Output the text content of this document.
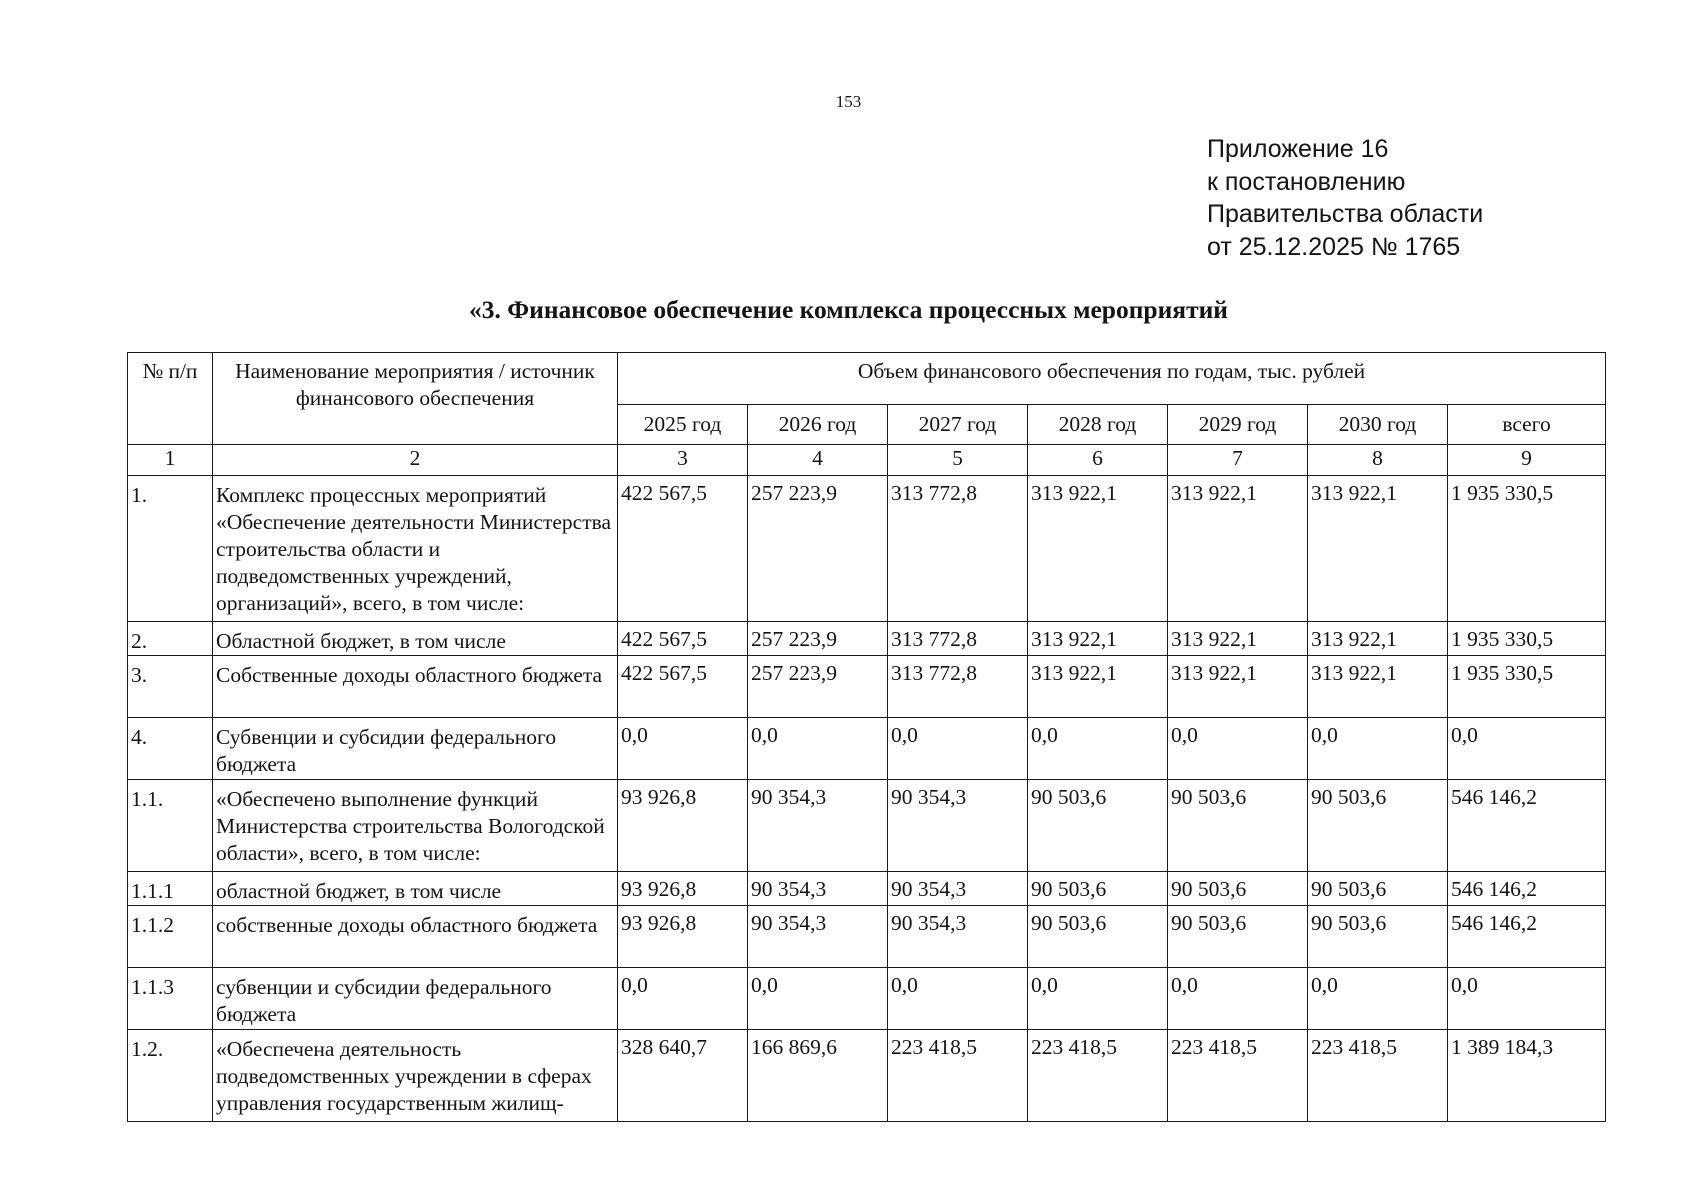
153
Приложение 16
к постановлению
Правительства области
от 25.12.2025 № 1765
«3. Финансовое обеспечение комплекса процессных мероприятий
№ п/п	Наименование мероприятия / источник финансового обеспечения	Объем финансового обеспечения по годам, тыс. рублей						
		2025 год	2026 год	2027 год	2028 год	2029 год	2030 год	всего
1	2	3	4	5	6	7	8	9
1.	Комплекс процессных мероприятий «Обеспечение деятельности Министерства строительства области и подведомственных учреждений, организаций», всего, в том числе:	422 567,5	257 223,9	313 772,8	313 922,1	313 922,1	313 922,1	1 935 330,5
2.	Областной бюджет, в том числе	422 567,5	257 223,9	313 772,8	313 922,1	313 922,1	313 922,1	1 935 330,5
3.	Собственные доходы областного бюджета	422 567,5	257 223,9	313 772,8	313 922,1	313 922,1	313 922,1	1 935 330,5
4.	Субвенции и субсидии федерального бюджета	0,0	0,0	0,0	0,0	0,0	0,0	0,0
1.1.	«Обеспечено выполнение функций Министерства строительства Вологодской области», всего, в том числе:	93 926,8	90 354,3	90 354,3	90 503,6	90 503,6	90 503,6	546 146,2
1.1.1	областной бюджет, в том числе	93 926,8	90 354,3	90 354,3	90 503,6	90 503,6	90 503,6	546 146,2
1.1.2	собственные доходы областного бюджета	93 926,8	90 354,3	90 354,3	90 503,6	90 503,6	90 503,6	546 146,2
1.1.3	субвенции и субсидии федерального бюджета	0,0	0,0	0,0	0,0	0,0	0,0	0,0
1.2.	«Обеспечена деятельность подведомственных учреждении в сферах управления государственным жилищ-	328 640,7	166 869,6	223 418,5	223 418,5	223 418,5	223 418,5	1 389 184,3
